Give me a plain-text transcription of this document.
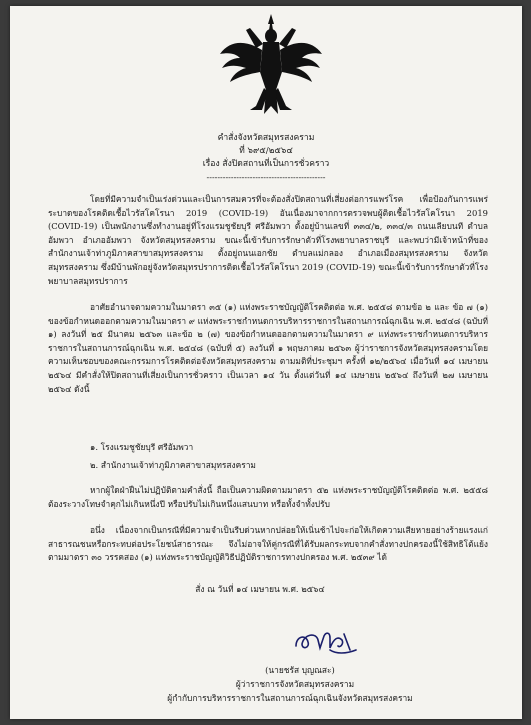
คำสั่งจังหวัดสมุทรสงคราม
ที่ ๖๙๕/๒๕๖๔
เรื่อง สั่งปิดสถานที่เป็นการชั่วคราว
--------------------------------------------
โดยที่มีความจำเป็นเร่งด่วนและเป็นการสมควรที่จะต้องสั่งปิดสถานที่เสี่ยงต่อการแพร่โรค เพื่อป้องกันการแพร่ระบาดของโรคติดเชื้อไวรัสโคโรนา 2019 (COVID-19) อันเนื่องมาจากการตรวจพบผู้ติดเชื้อไวรัสโคโรนา 2019 (COVID-19) เป็นพนักงานซึ่งทำงานอยู่ที่โรงแรมชูชัยบุรี ศรีอัมพวา ตั้งอยู่บ้านเลขที่ ๓๓๔/๒, ๓๓๔/๓ ถนนเลียบนที ตำบลอัมพวา อำเภออัมพวา จังหวัดสมุทรสงคราม ขณะนี้เข้ารับการรักษาตัวที่โรงพยาบาลราชบุรี และพบว่ามีเจ้าหน้าที่ของสำนักงานเจ้าท่าภูมิภาคสาขาสมุทรสงคราม ตั้งอยู่ถนนเอกชัย ตำบลแม่กลอง อำเภอเมืองสมุทรสงคราม จังหวัดสมุทรสงคราม ซึ่งมีบ้านพักอยู่จังหวัดสมุทรปราการติดเชื้อไวรัสโคโรนา 2019 (COVID-19) ขณะนี้เข้ารับการรักษาตัวที่โรงพยาบาลสมุทรปราการ
อาศัยอำนาจตามความในมาตรา ๓๕ (๑) แห่งพระราชบัญญัติโรคติดต่อ พ.ศ. ๒๕๕๘ ตามข้อ ๒ และ ข้อ ๗ (๑) ของข้อกำหนดออกตามความในมาตรา ๙ แห่งพระราชกำหนดการบริหารราชการในสถานการณ์ฉุกเฉิน พ.ศ. ๒๕๔๘ (ฉบับที่ ๑) ลงวันที่ ๒๕ มีนาคม ๒๕๖๓ และข้อ ๒ (๗) ของข้อกำหนดออกตามความในมาตรา ๙ แห่งพระราชกำหนดการบริหารราชการในสถานการณ์ฉุกเฉิน พ.ศ. ๒๕๔๘ (ฉบับที่ ๕) ลงวันที่ ๑ พฤษภาคม ๒๕๖๓ ผู้ว่าราชการจังหวัดสมุทรสงครามโดยความเห็นชอบของคณะกรรมการโรคติดต่อจังหวัดสมุทรสงคราม ตามมติที่ประชุมฯ ครั้งที่ ๑๒/๒๕๖๔ เมื่อวันที่ ๑๔ เมษายน ๒๕๖๔ มีคำสั่งให้ปิดสถานที่เสี่ยงเป็นการชั่วคราว เป็นเวลา ๑๔ วัน ตั้งแต่วันที่ ๑๔ เมษายน ๒๕๖๔ ถึงวันที่ ๒๗ เมษายน ๒๕๖๔ ดังนี้
๑. โรงแรมชูชัยบุรี ศรีอัมพวา
๒. สำนักงานเจ้าท่าภูมิภาคสาขาสมุทรสงคราม
หากผู้ใดฝ่าฝืนไม่ปฏิบัติตามคำสั่งนี้ ถือเป็นความผิดตามมาตรา ๕๒ แห่งพระราชบัญญัติโรคติดต่อ พ.ศ. ๒๕๕๘ ต้องระวางโทษจำคุกไม่เกินหนึ่งปี หรือปรับไม่เกินหนึ่งแสนบาท หรือทั้งจำทั้งปรับ
อนึ่ง เนื่องจากเป็นกรณีที่มีความจำเป็นรีบด่วนหากปล่อยให้เนิ่นช้าไปจะก่อให้เกิดความเสียหายอย่างร้ายแรงแก่สาธารณชนหรือกระทบต่อประโยชน์สาธารณะ จึงไม่อาจให้คู่กรณีที่ได้รับผลกระทบจากคำสั่งทางปกครองนี้ใช้สิทธิโต้แย้ง ตามมาตรา ๓๐ วรรคสอง (๑) แห่งพระราชบัญญัติวิธีปฏิบัติราชการทางปกครอง พ.ศ. ๒๕๓๙ ได้
สั่ง ณ วันที่ ๑๔ เมษายน พ.ศ. ๒๕๖๔
(นายชรัส บุญณสะ)
ผู้ว่าราชการจังหวัดสมุทรสงคราม
ผู้กำกับการบริหารราชการในสถานการณ์ฉุกเฉินจังหวัดสมุทรสงคราม
